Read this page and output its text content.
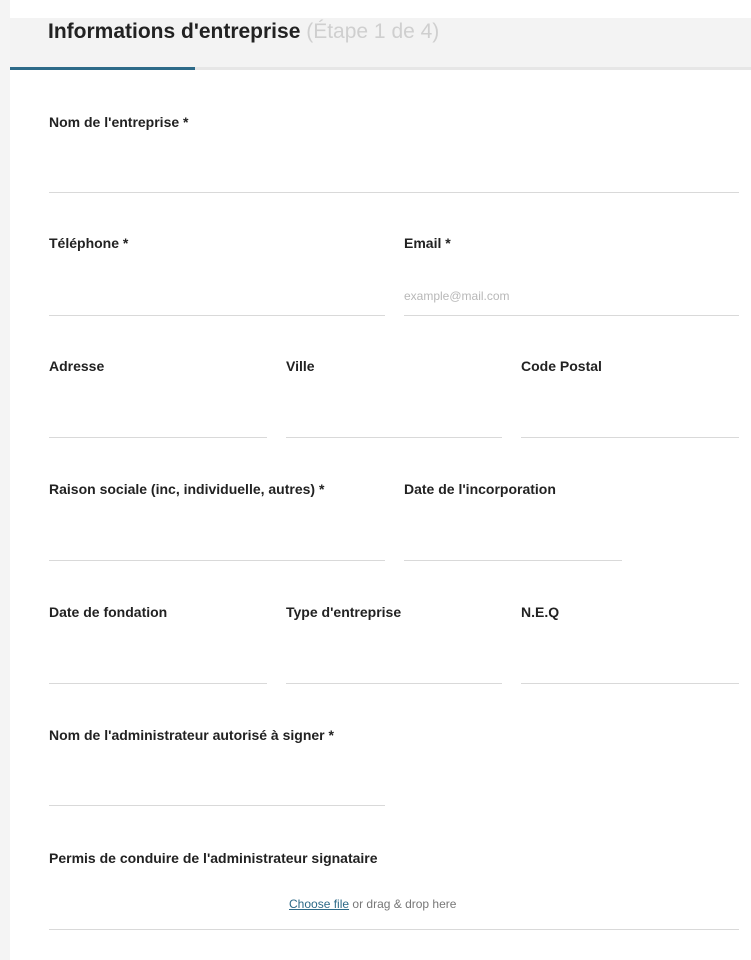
Informations d'entreprise (Étape 1 de 4)
Nom de l'entreprise *
Téléphone *	Email *
example@mail.com
Adresse	Ville	Code Postal
Raison sociale (inc, individuelle, autres) *	Date de l'incorporation
Date de fondation	Type d'entreprise	N.E.Q
Nom de l'administrateur autorisé à signer *
Permis de conduire de l'administrateur signataire
Choose file or drag & drop here
